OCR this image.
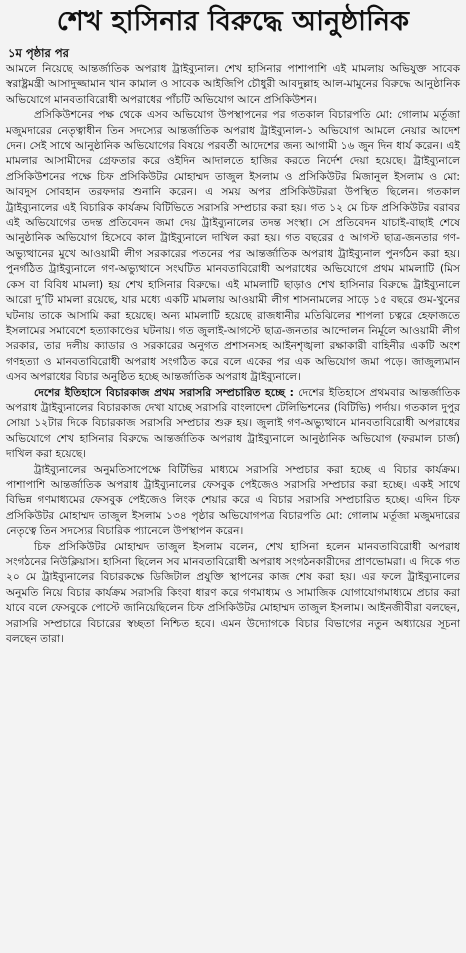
শেখ হাসিনার বিরুদ্ধে আনুষ্ঠানিক
১ম পৃষ্ঠার পর

আমলে নিয়েছে আন্তর্জাতিক অপরাধ ট্রাইব্যুনাল। শেখ হাসিনার পাশাপাশি এই মামলায় অভিযুক্ত সাবেক স্বরাষ্ট্রমন্ত্রী আসাদুজ্জামান খান কামাল ও সাবেক আইজিপি চৌধুরী আবদুল্লাহ আল-মামুনের বিরুদ্ধে আনুষ্ঠানিক অভিযোগে মানবতাবিরোধী অপরাধের পাঁচটি অভিযোগ আনে প্রসিকিউশন।

প্রসিকিউশনের পক্ষ থেকে এসব অভিযোগ উপস্থাপনের পর গতকাল বিচারপতি মো: গোলাম মর্তূজা মজুমদারের নেতৃত্বাধীন তিন সদস্যের আন্তর্জাতিক অপরাধ ট্রাইব্যুনাল-১ অভিযোগ আমলে নেয়ার আদেশ দেন। সেই সাথে আনুষ্ঠানিক অভিযোগের বিষয়ে পরবর্তী আদেশের জন্য আগামী ১৬ জুন দিন ধার্য করেন। এই মামলার আসামীদের গ্রেফতার করে ওইদিন আদালতে হাজির করতে নির্দেশ দেয়া হয়েছে। ট্রাইব্যুনালে প্রসিকিউশনের পক্ষে চিফ প্রসিকিউটর মোহাম্মদ তাজুল ইসলাম ও প্রসিকিউটর মিজানুল ইসলাম ও মো: আবদুস সোবহান তরফদার শুনানি করেন। এ সময় অপর প্রসিকিউটররা উপস্থিত ছিলেন। গতকাল ট্রাইব্যুনালের এই বিচারিক কার্যক্রম বিটিভিতে সরাসরি সম্প্রচার করা হয়। গত ১২ মে চিফ প্রসিকিউটর বরাবর এই অভিযোগের তদন্ত প্রতিবেদন জমা দেয় ট্রাইব্যুনালের তদন্ত সংস্থা। সে প্রতিবেদন যাচাই-বাছাই শেষে আনুষ্ঠানিক অভিযোগ হিসেবে কাল ট্রাইব্যুনালে দাখিল করা হয়। গত বছরের ৫ আগস্ট ছাত্র-জনতার গণ-অভ্যুত্থানের মুখে আওয়ামী লীগ সরকারের পতনের পর আন্তর্জাতিক অপরাধ ট্রাইব্যুনাল পুনর্গঠন করা হয়। পুনর্গঠিত ট্রাইব্যুনালে গণ-অভ্যুত্থানে সংঘটিত মানবতাবিরোধী অপরাধের অভিযোগে প্রথম মামলাটি (মিস কেস বা বিবিধ মামলা) হয় শেখ হাসিনার বিরুদ্ধে। এই মামলাটি ছাড়াও শেখ হাসিনার বিরুদ্ধে ট্রাইব্যুনালে আরো দু’টি মামলা রয়েছে, যার মধ্যে একটি মামলায় আওয়ামী লীগ শাসনামলের সাড়ে ১৫ বছরে গুম-খুনের ঘটনায় তাকে আসামি করা হয়েছে। অন্য মামলাটি হয়েছে রাজধানীর মতিঝিলের শাপলা চত্বরে হেফাজতে ইসলামের সমাবেশে হত্যাকাণ্ডের ঘটনায়। গত জুলাই-আগস্টে ছাত্র-জনতার আন্দোলন নির্মূলে আওয়ামী লীগ সরকার, তার দলীয় ক্যাডার ও সরকারের অনুগত প্রশাসনসহ আইনশৃঙ্খলা রক্ষাকারী বাহিনীর একটি অংশ গণহত্যা ও মানবতাবিরোধী অপরাধ সংগঠিত করে বলে একের পর এক অভিযোগ জমা পড়ে। জাজুল্যমান এসব অপরাধের বিচার অনুষ্ঠিত হচ্ছে আন্তর্জাতিক অপরাধ ট্রাইব্যুনালে।

দেশের ইতিহাসে বিচারকাজ প্রথম সরাসরি সম্প্রচারিত হচ্ছে : দেশের ইতিহাসে প্রথমবার আন্তর্জাতিক অপরাধ ট্রাইব্যুনালের বিচারকাজ দেখা যাচ্ছে সরাসরি বাংলাদেশ টেলিভিশনের (বিটিভি) পর্দায়। গতকাল দুপুর সোয়া ১২টার দিকে বিচারকাজ সরাসরি সম্প্রচার শুরু হয়। জুলাই গণ-অভ্যুত্থানে মানবতাবিরোধী অপরাধের অভিযোগে শেখ হাসিনার বিরুদ্ধে আন্তর্জাতিক অপরাধ ট্রাইব্যুনালে আনুষ্ঠানিক অভিযোগ (ফরমাল চার্জ) দাখিল করা হয়েছে।

ট্রাইব্যুনালের অনুমতিসাপেক্ষে বিটিভির মাধ্যমে সরাসরি সম্প্রচার করা হচ্ছে এ বিচার কার্যক্রম। পাশাপাশি আন্তর্জাতিক অপরাধ ট্রাইব্যুনালের ফেসবুক পেইজেও সরাসরি সম্প্রচার করা হচ্ছে। একই সাথে বিভিন্ন গণমাধ্যমের ফেসবুক পেইজেও লিংক শেয়ার করে এ বিচার সরাসরি সম্প্রচারিত হচ্ছে। এদিন চিফ প্রসিকিউটর মোহাম্মদ তাজুল ইসলাম ১৩৪ পৃষ্ঠার অভিযোগপত্র বিচারপতি মো: গোলাম মর্তূজা মজুমদারের নেতৃত্বে তিন সদস্যের বিচারিক প্যানেলে উপস্থাপন করেন।

চিফ প্রসিকিউটর মোহাম্মদ তাজুল ইসলাম বলেন, শেখ হাসিনা হলেন মানবতাবিরোধী অপরাধ সংগঠনের নিউক্লিয়াস। হাসিনা ছিলেন সব মানবতাবিরোধী অপরাধ সংগঠনকারীদের প্রাণভোমরা। এ দিকে গত ২০ মে ট্রাইব্যুনালের বিচারকক্ষে ডিজিটাল প্রযুক্তি স্থাপনের কাজ শেষ করা হয়। এর ফলে ট্রাইব্যুনালের অনুমতি নিয়ে বিচার কার্যক্রম সরাসরি কিংবা ধারণ করে গণমাধ্যম ও সামাজিক যোগাযোগমাধ্যমে প্রচার করা যাবে বলে ফেসবুকে পোস্টে জানিয়েছিলেন চিফ প্রসিকিউটর মোহাম্মদ তাজুল ইসলাম। আইনজীবীরা বলছেন, সরাসরি সম্প্রচারে বিচারের স্বচ্ছতা নিশ্চিত হবে। এমন উদ্যোগকে বিচার বিভাগের নতুন অধ্যায়ের সূচনা বলছেন তারা।
